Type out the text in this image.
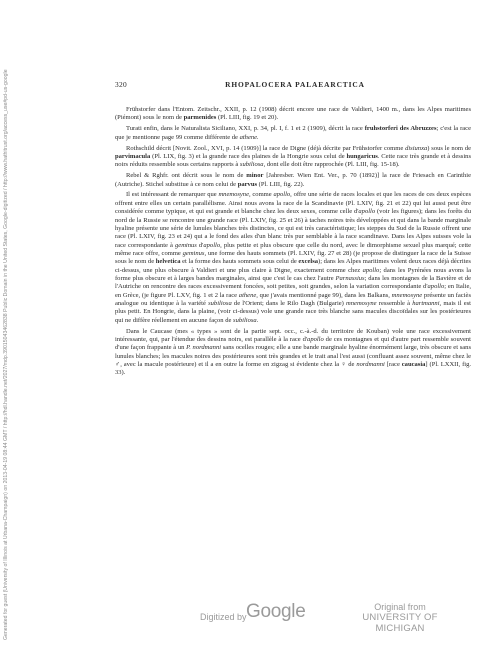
320	RHOPALOCERA PALAEARCTICA

Frühstorfer dans l'Entom. Zeitschr., XXII, p. 12 (1908) décrit encore une race de Valdieri, 1400 m., dans les Alpes maritimes (Piémont) sous le nom de parmenides (Pl. LIII, fig. 19 et 20).

Turati enfin, dans le Naturalista Siciliano, XXI, p. 34, pl. I, f. 1 et 2 (1909), décrit la race fruhstorferi des Abruzzes; c'est la race que je mentionne page 99 comme différente de athene.

Rothschild décrit [Novit. Zool., XVI, p. 14 (1909)] la race de Digne (déjà décrite par Frühstorfer comme disiunxa) sous le nom de parvimacula (Pl. LIX, fig. 3) et la grande race des plaines de la Hongrie sous celui de hungaricus. Cette race très grande et à dessins noirs réduits ressemble sous certains rapports à subiliosa, dont elle doit être rapprochée (Pl. LIII, fig. 15-18).

Rebel & Rghfr. ont décrit sous le nom de minor [Jahresber. Wien Ent. Ver., p. 70 (1892)] la race de Friesach en Carinthie (Autriche). Stichel substitue à ce nom celui de parvus (Pl. LIII, fig. 22).

Il est intéressant de remarquer que mnemosyne, comme apollo, offre une série de races locales et que les races de ces deux espèces offrent entre elles un certain parallélisme. Ainsi nous avons la race de la Scandinavie (Pl. LXIV, fig. 21 et 22) qui lui aussi peut être considérée comme typique, et qui est grande et blanche chez les deux sexes, comme celle d'apollo (voir les figures); dans les forêts du nord de la Russie se rencontre une grande race (Pl. LXIV, fig. 25 et 26) à taches noires très développées et qui dans la bande marginale hyaline présente une série de lunules blanches très distinctes, ce qui est très caractéristique; les steppes du Sud de la Russie offrent une race (Pl. LXIV, fig. 23 et 24) qui a le fond des ailes d'un blanc très pur semblable à la race scandinave. Dans les Alpes suisses vole la race correspondante à geminus d'apollo, plus petite et plus obscure que celle du nord, avec le dimorphisme sexuel plus marqué; cette même race offre, comme geminus, une forme des hauts sommets (Pl. LXIV, fig. 27 et 28) (je propose de distinguer la race de la Suisse sous le nom de helvetica et la forme des hauts sommets sous celui de excelsa); dans les Alpes maritimes volent deux races déjà décrites ci-dessus, une plus obscure à Valdieri et une plus claire à Digne, exactement comme chez apollo; dans les Pyrénées nous avons la forme plus obscure et à larges bandes marginales, ainsi que c'est le cas chez l'autre Parnassius; dans les montagnes de la Bavière et de l'Autriche on rencontre des races excessivement foncées, soit petites, soit grandes, selon la variation correspondante d'apollo; en Italie, en Grèce, (je figure Pl. LXV, fig. 1 et 2 la race athene, que j'avais mentionné page 99), dans les Balkans, mnemosyne présente un faciès analogue ou identique à la variété subiliosa de l'Orient; dans le Rilo Dagh (Bulgarie) mnemosyne ressemble à hartmanni, mais il est plus petit. En Hongrie, dans la plaine, (voir ci-dessus) vole une grande race très blanche sans macules discoïdales sur les postérieures qui ne diffère réellement en aucune façon de subiliosa.

Dans le Caucase (mes « types » sont de la partie sept. occ., c.-à.-d. du territoire de Kouban) vole une race excessivement intéressante, qui, par l'étendue des dessins noirs, est parallèle à la race d'apollo de ces montagnes et qui d'autre part ressemble souvent d'une façon frappante à un P. nordmanni sans ocelles rouges; elle a une bande marginale hyaline énormément large, très obscure et sans lunules blanches; les macules noires des postérieures sont très grandes et le trait anal l'est aussi (confluant assez souvent, même chez le ♂, avec la macule postérieure) et il a en outre la forme en zigzag si évidente chez la ♀ de nordmanni [race caucasia] (Pl. LXXII, fig. 33).

Generated for guest (University of Illinois at Urbana-Champaign) on 2013-04-19 08:44 GMT / http://hdl.handle.net/2027/mdp.39015043462838 Public Domain in the United States, Google-digitized / http://www.hathitrust.org/access_use#pd-us-google	Digitized by Google	Original from
UNIVERSITY OF MICHIGAN
